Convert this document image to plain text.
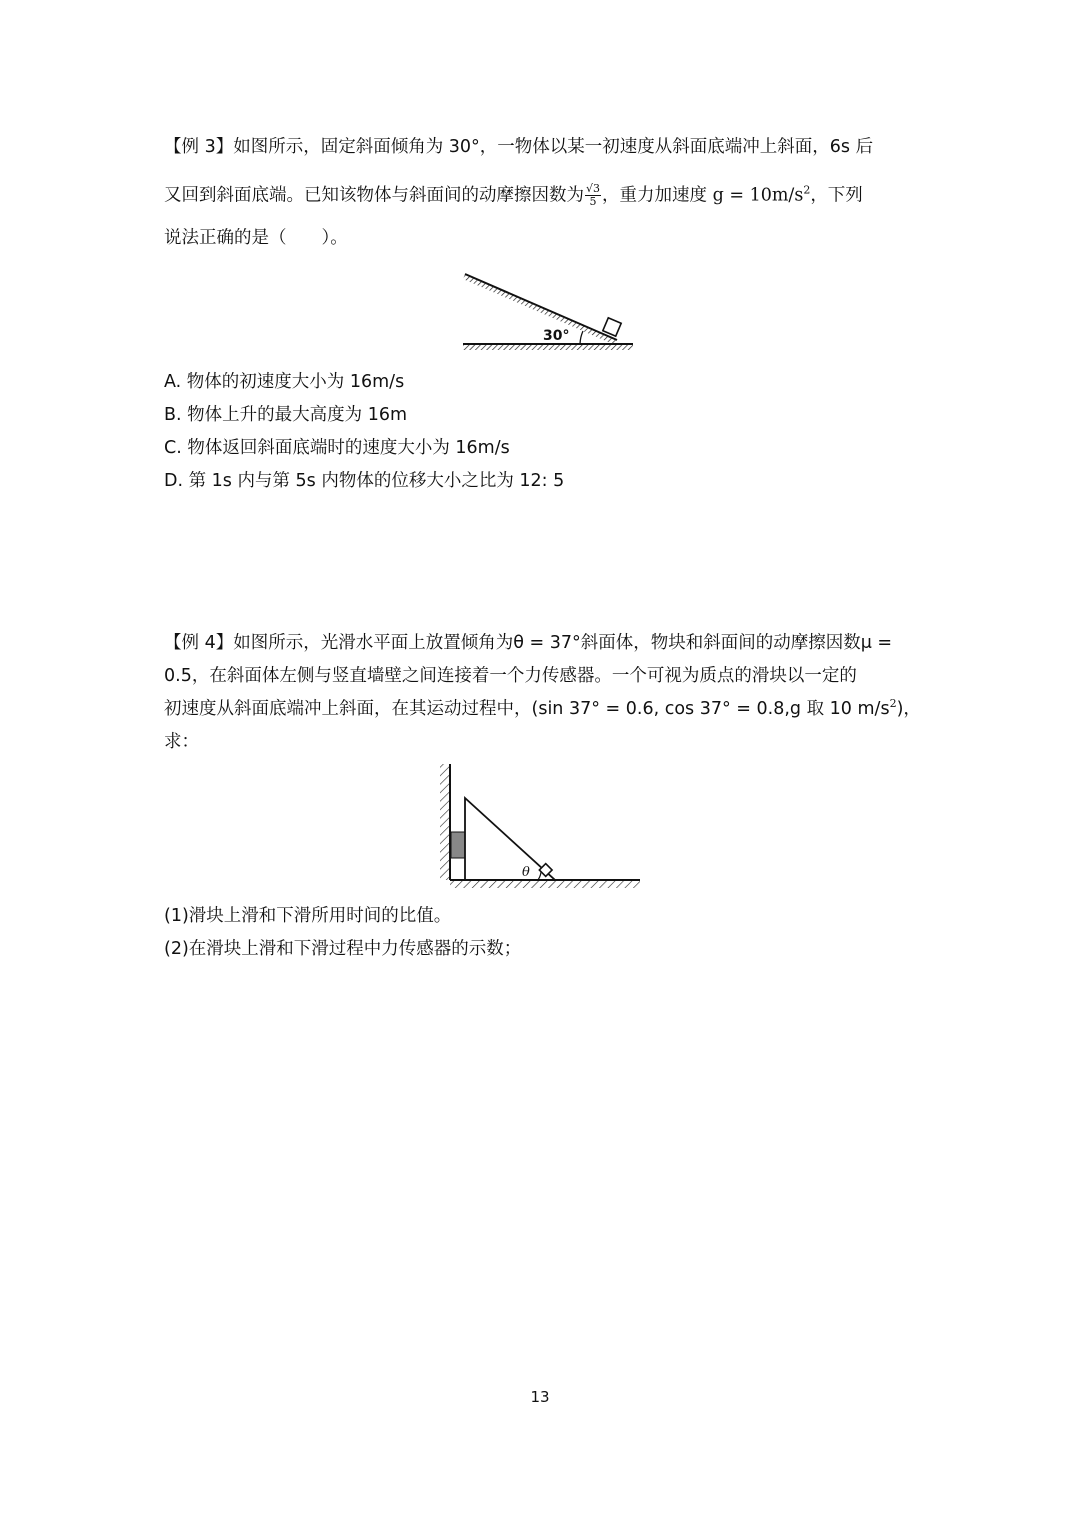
【例 3】如图所示，固定斜面倾角为 30°，一物体以某一初速度从斜面底端冲上斜面，6s 后
又回到斜面底端。已知该物体与斜面间的动摩擦因数为 $\frac{√3}{5}$ ，重力加速度 $g = 10m/s^2$，下列
说法正确的是（　　）。
30°
A. 物体的初速度大小为 16m/s
B. 物体上升的最大高度为 16m
C. 物体返回斜面底端时的速度大小为 16m/s
D. 第 1s 内与第 5s 内物体的位移大小之比为 12: 5
【例 4】如图所示，光滑水平面上放置倾角为θ = 37°斜面体，物块和斜面间的动摩擦因数μ =
0.5，在斜面体左侧与竖直墙壁之间连接着一个力传感器。一个可视为质点的滑块以一定的
初速度从斜面底端冲上斜面，在其运动过程中，(sin 37° = 0.6, cos 37° = 0.8,g 取 10 $m/s^2$)，
求：
θ
(1)滑块上滑和下滑所用时间的比值。
(2)在滑块上滑和下滑过程中力传感器的示数；
13
